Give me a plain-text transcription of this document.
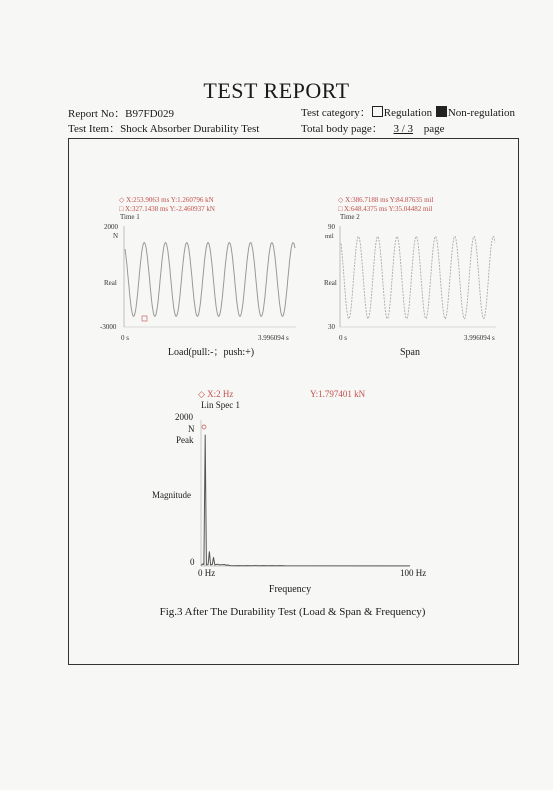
TEST REPORT
Report No：B97FD029
Test Item：Shock Absorber Durability Test
Test category： Regulation Non-regulation
Total body page： 3 / 3 page
◇ X:253.9063 ms Y:1.260796 kN
□ X:327.1438 ms Y:-2.460937 kN
Time 1
2000
N
Real
-3000
0 s	3.996094 s
Load(pull:-；push:+)
◇ X:386.7188 ms Y:84.87635 mil
□ X:648.4375 ms Y:35.04482 mil
Time 2
90
mil
Real
30
0 s	3.996094 s
Span
◇ X:2 Hz	Y:1.797401 kN
Lin Spec 1
2000
N
Peak
Magnitude
0
0 Hz	100 Hz
Frequency
Fig.3 After The Durability Test (Load & Span & Frequency)
